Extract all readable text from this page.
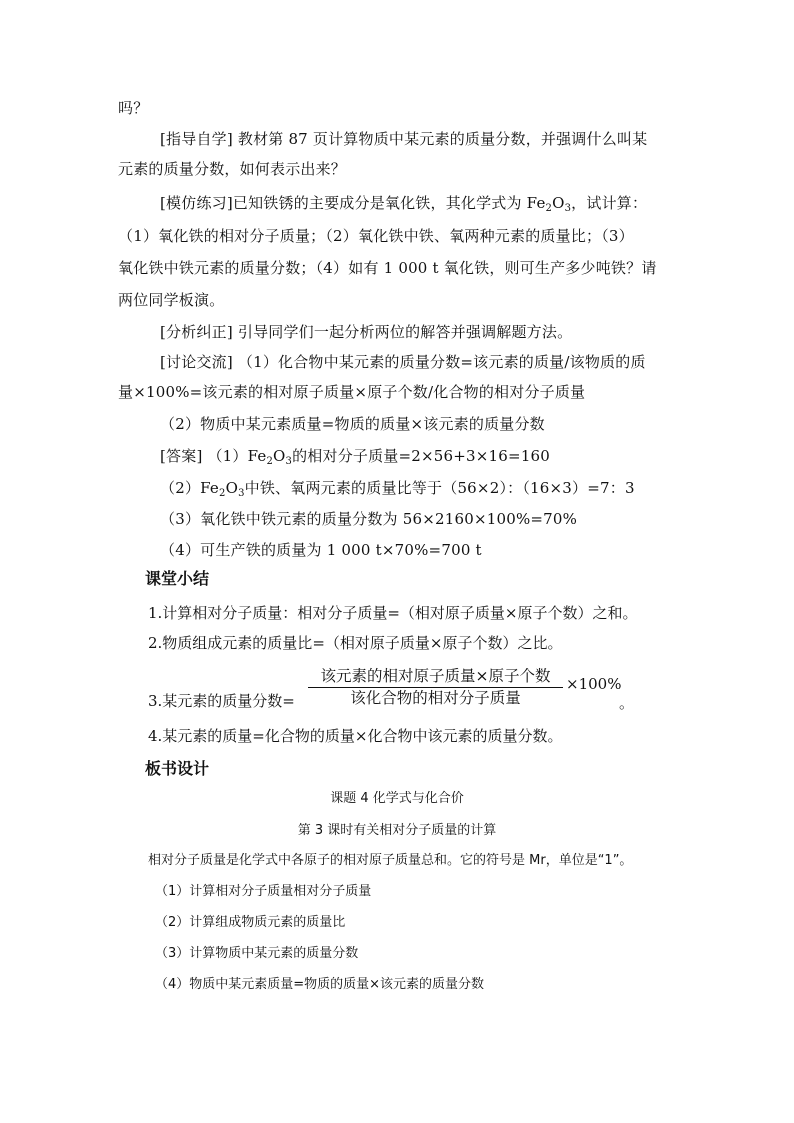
吗？
[指导自学] 教材第 87 页计算物质中某元素的质量分数，并强调什么叫某
元素的质量分数，如何表示出来？
[模仿练习]已知铁锈的主要成分是氧化铁，其化学式为 $Fe_2O_3$，试计算：
（1）氧化铁的相对分子质量；（2）氧化铁中铁、氧两种元素的质量比；（3）
氧化铁中铁元素的质量分数；（4）如有 1 000 t 氧化铁，则可生产多少吨铁？请
两位同学板演。
[分析纠正] 引导同学们一起分析两位的解答并强调解题方法。
[讨论交流] （1）化合物中某元素的质量分数=该元素的质量/该物质的质
量×100%=该元素的相对原子质量×原子个数/化合物的相对分子质量
（2）物质中某元素质量=物质的质量×该元素的质量分数
[答案] $(1)Fe_2O_3$的相对分子质量=2×56+3×16=160
$(2)Fe_2O_3$中铁、氧两元素的质量比等于（56×2）：（16×3）=7：3
（3）氧化铁中铁元素的质量分数为 56×2160×100%=70%
（4）可生产铁的质量为 1 000 t×70%=700 t
课堂小结
1.计算相对分子质量：相对分子质量=（相对原子质量×原子个数）之和。
2.物质组成元素的质量比=（相对原子质量×原子个数）之比。
3.某元素的质量分数=
该元素的相对原子质量×原子个数
该化合物的相对分子质量
×100%
。
4.某元素的质量=化合物的质量×化合物中该元素的质量分数。
板书设计
课题 4 化学式与化合价
第 3 课时有关相对分子质量的计算
相对分子质量是化学式中各原子的相对原子质量总和。它的符号是 Mr，单位是“1”。
（1）计算相对分子质量相对分子质量
（2）计算组成物质元素的质量比
（3）计算物质中某元素的质量分数
（4）物质中某元素质量=物质的质量×该元素的质量分数
